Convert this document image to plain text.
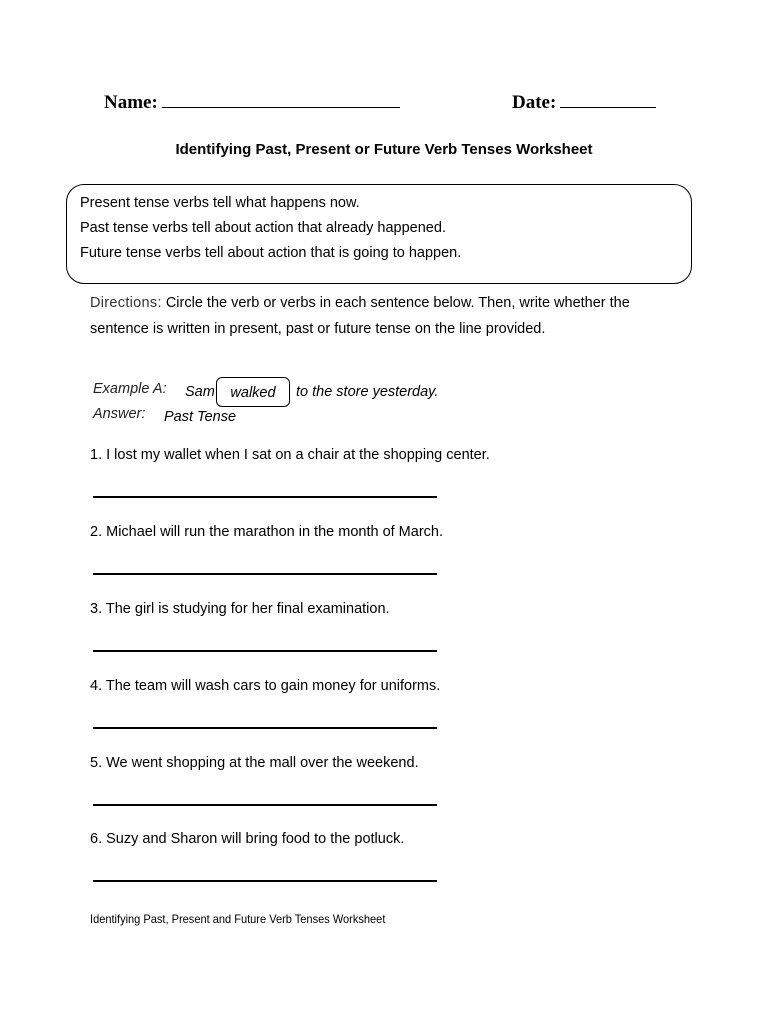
Name:	Date:
Identifying Past, Present or Future Verb Tenses Worksheet
Present tense verbs tell what happens now.
Past tense verbs tell about action that already happened.
Future tense verbs tell about action that is going to happen.
Directions: Circle the verb or verbs in each sentence below. Then, write whether the sentence is written in present, past or future tense on the line provided.
Example A: Sam	walked	to the store yesterday.
Answer: Past Tense
1. I lost my wallet when I sat on a chair at the shopping center.
2. Michael will run the marathon in the month of March.
3. The girl is studying for her final examination.
4. The team will wash cars to gain money for uniforms.
5. We went shopping at the mall over the weekend.
6. Suzy and Sharon will bring food to the potluck.
Identifying Past, Present and Future Verb Tenses Worksheet
